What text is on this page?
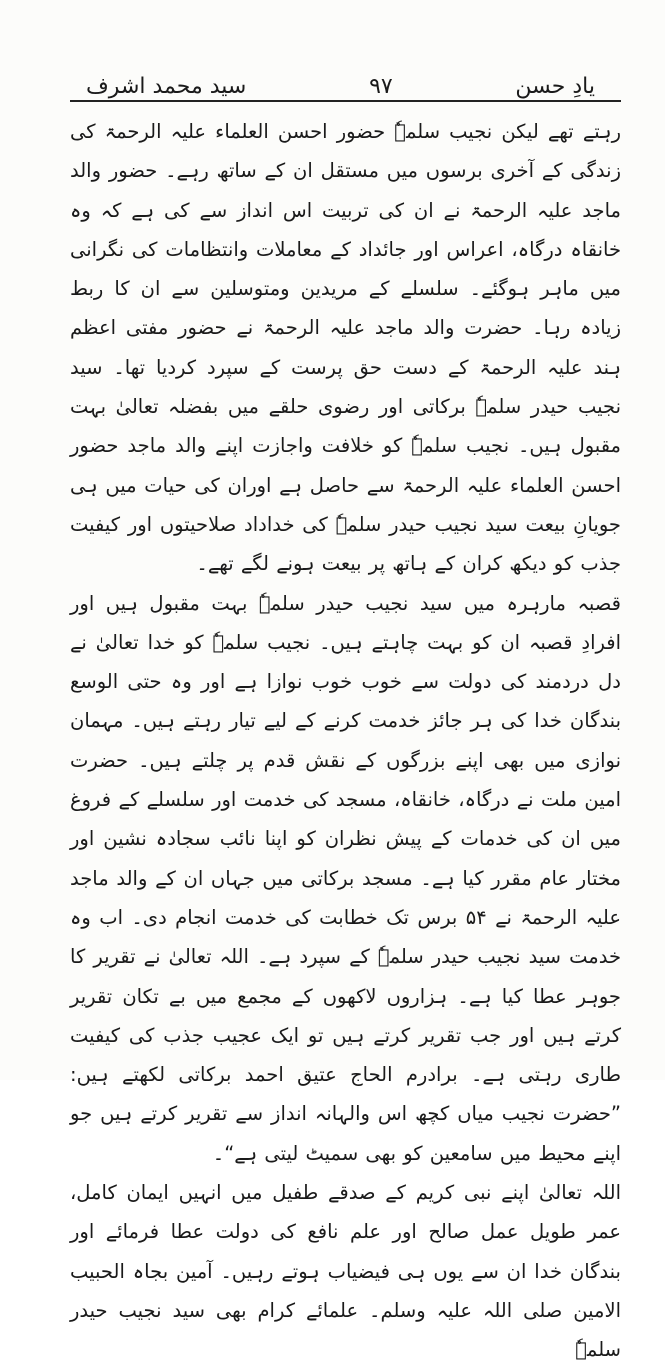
سید محمد اشرف	۹۷	یادِ حسن

رہتے تھے لیکن نجیب سلمہٗ حضور احسن العلماء علیہ الرحمۃ کی زندگی کے آخری برسوں میں مستقل ان کے ساتھ رہے۔ حضور والد ماجد علیہ الرحمۃ نے ان کی تربیت اس انداز سے کی ہے کہ وہ خانقاہ درگاہ، اعراس اور جائداد کے معاملات وانتظامات کی نگرانی میں ماہر ہوگئے۔ سلسلے کے مریدین ومتوسلین سے ان کا ربط زیادہ رہا۔ حضرت والد ماجد علیہ الرحمۃ نے حضور مفتی اعظم ہند علیہ الرحمۃ کے دست حق پرست کے سپرد کردیا تھا۔ سید نجیب حیدر سلمہٗ برکاتی اور رضوی حلقے میں بفضلہ تعالیٰ بہت مقبول ہیں۔ نجیب سلمہٗ کو خلافت واجازت اپنے والد ماجد حضور احسن العلماء علیہ الرحمۃ سے حاصل ہے اوران کی حیات میں ہی جویانِ بیعت سید نجیب حیدر سلمہٗ کی خداداد صلاحیتوں اور کیفیت جذب کو دیکھ کران کے ہاتھ پر بیعت ہونے لگے تھے۔

قصبہ مارہرہ میں سید نجیب حیدر سلمہٗ بہت مقبول ہیں اور افرادِ قصبہ ان کو بہت چاہتے ہیں۔ نجیب سلمہٗ کو خدا تعالیٰ نے دل دردمند کی دولت سے خوب خوب نوازا ہے اور وہ حتی الوسع بندگان خدا کی ہر جائز خدمت کرنے کے لیے تیار رہتے ہیں۔ مہمان نوازی میں بھی اپنے بزرگوں کے نقش قدم پر چلتے ہیں۔ حضرت امین ملت نے درگاہ، خانقاہ، مسجد کی خدمت اور سلسلے کے فروغ میں ان کی خدمات کے پیش نظران کو اپنا نائب سجادہ نشین اور مختار عام مقرر کیا ہے۔ مسجد برکاتی میں جہاں ان کے والد ماجد علیہ الرحمۃ نے ۵۴ برس تک خطابت کی خدمت انجام دی۔ اب وہ خدمت سید نجیب حیدر سلمہٗ کے سپرد ہے۔ اللہ تعالیٰ نے تقریر کا جوہر عطا کیا ہے۔ ہزاروں لاکھوں کے مجمع میں بے تکان تقریر کرتے ہیں اور جب تقریر کرتے ہیں تو ایک عجیب جذب کی کیفیت طاری رہتی ہے۔ برادرم الحاج عتیق احمد برکاتی لکھتے ہیں: ”حضرت نجیب میاں کچھ اس والہانہ انداز سے تقریر کرتے ہیں جو اپنے محیط میں سامعین کو بھی سمیٹ لیتی ہے“۔

اللہ تعالیٰ اپنے نبی کریم کے صدقے طفیل میں انہیں ایمان کامل، عمر طویل عمل صالح اور علم نافع کی دولت عطا فرمائے اور بندگان خدا ان سے یوں ہی فیضیاب ہوتے رہیں۔ آمین بجاہ الحبیب الامین صلی اللہ علیہ وسلم۔ علمائے کرام بھی سید نجیب حیدر سلمہٗ
